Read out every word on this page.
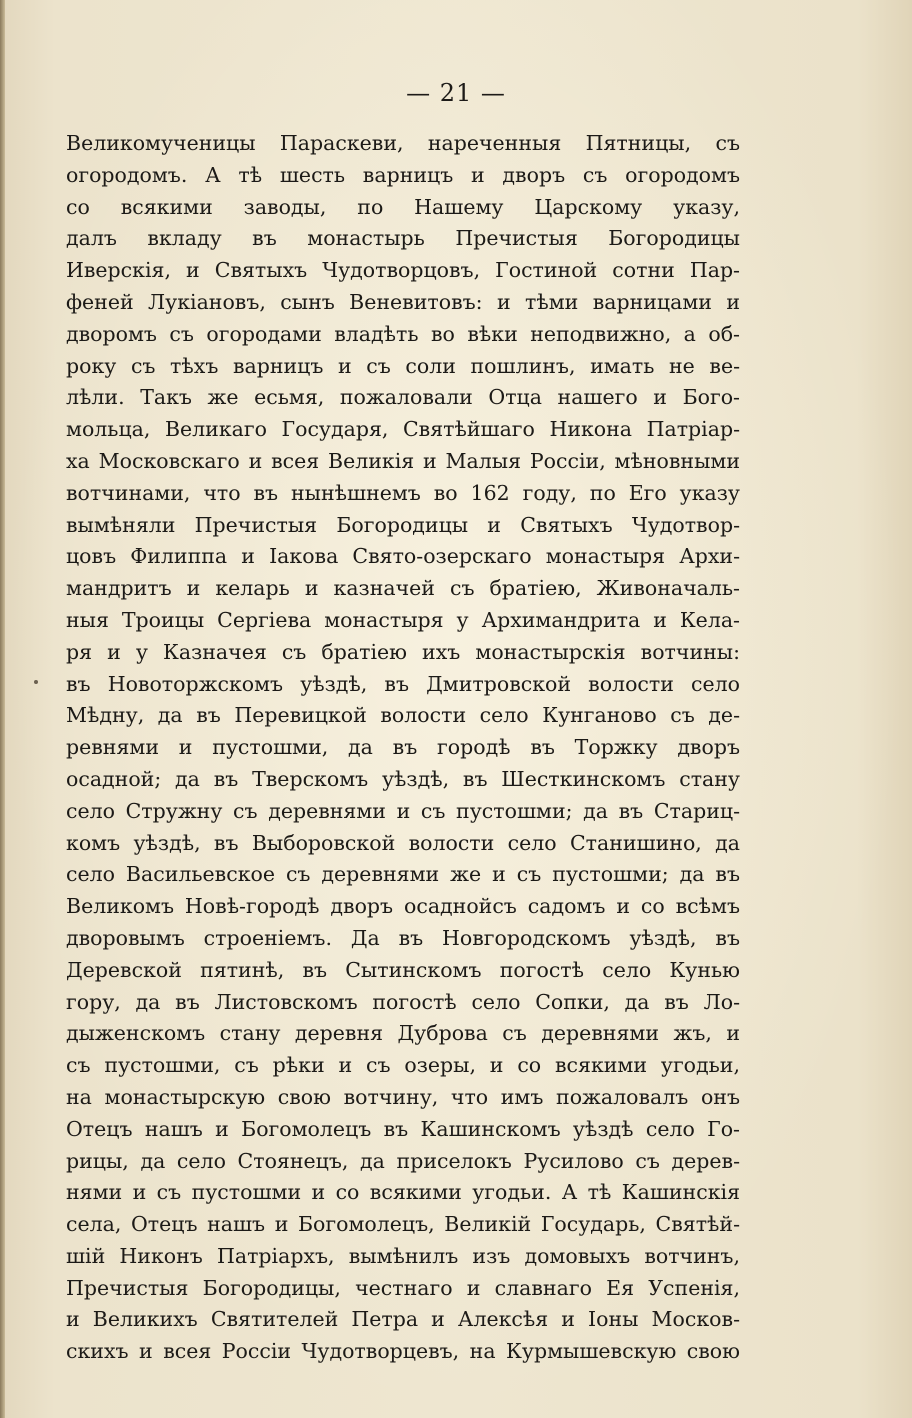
— 21 —
Великомученицы Параскеви, нареченныя Пятницы, съ
огородомъ. А тѣ шесть варницъ и дворъ съ огородомъ
со всякими заводы, по Нашему Царскому указу,
далъ вкладу въ монастырь Пречистыя Богородицы
Иверскія, и Святыхъ Чудотворцовъ, Гостиной сотни Пар-
феней Лукіановъ, сынъ Веневитовъ: и тѣми варницами и
дворомъ съ огородами владѣть во вѣки неподвижно, а об-
року съ тѣхъ варницъ и съ соли пошлинъ, имать не ве-
лѣли. Такъ же есьмя, пожаловали Отца нашего и Бого-
мольца, Великаго Государя, Святѣйшаго Никона Патріар-
ха Московскаго и всея Великія и Малыя Россіи, мѣновными
вотчинами, что въ нынѣшнемъ во 162 году, по Его указу
вымѣняли Пречистыя Богородицы и Святыхъ Чудотвор-
цовъ Филиппа и Іакова Свято-озерскаго монастыря Архи-
мандритъ и келарь и казначей съ братіею, Живоначаль-
ныя Троицы Сергіева монастыря у Архимандрита и Кела-
ря и у Казначея съ братіею ихъ монастырскія вотчины:
въ Новоторжскомъ уѣздѣ, въ Дмитровской волости село
Мѣдну, да въ Перевицкой волости село Кунганово съ де-
ревнями и пустошми, да въ городѣ въ Торжку дворъ
осадной; да въ Тверскомъ уѣздѣ, въ Шесткинскомъ стану
село Стружну съ деревнями и съ пустошми; да въ Стариц-
комъ уѣздѣ, въ Выборовской волости село Станишино, да
село Васильевское съ деревнями же и съ пустошми; да въ
Великомъ Новѣ-городѣ дворъ осаднойсъ садомъ и со всѣмъ
дворовымъ строеніемъ. Да въ Новгородскомъ уѣздѣ, въ
Деревской пятинѣ, въ Сытинскомъ погостѣ село Кунью
гору, да въ Листовскомъ погостѣ село Сопки, да въ Ло-
дыженскомъ стану деревня Дуброва съ деревнями жъ, и
съ пустошми, съ рѣки и съ озеры, и со всякими угодьи,
на монастырскую свою вотчину, что имъ пожаловалъ онъ
Отецъ нашъ и Богомолецъ въ Кашинскомъ уѣздѣ село Го-
рицы, да село Стоянецъ, да приселокъ Русилово съ дерев-
нями и съ пустошми и со всякими угодьи. А тѣ Кашинскія
села, Отецъ нашъ и Богомолецъ, Великій Государь, Святѣй-
шій Никонъ Патріархъ, вымѣнилъ изъ домовыхъ вотчинъ,
Пречистыя Богородицы, честнаго и славнаго Ея Успенія,
и Великихъ Святителей Петра и Алексѣя и Іоны Москов-
скихъ и всея Россіи Чудотворцевъ, на Курмышевскую свою
